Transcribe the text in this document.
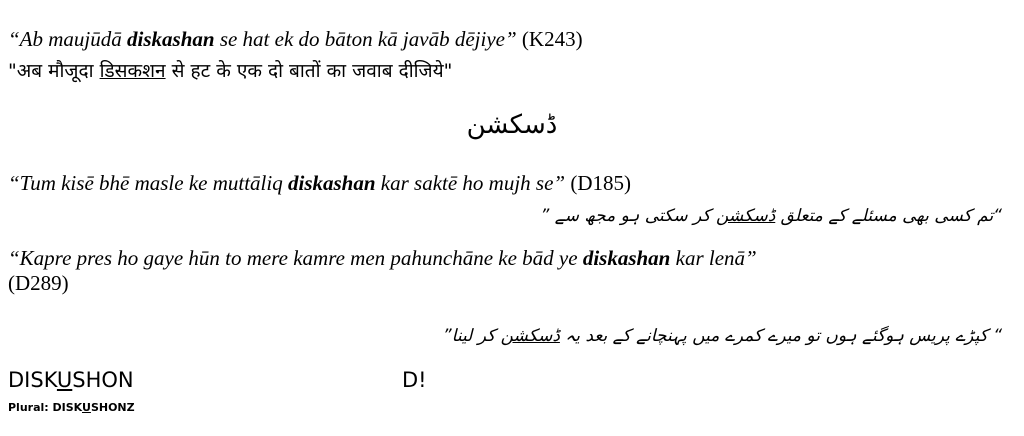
“Ab maujūdā diskashan se hat ek do bāton kā javāb dējiye” (K243)
"अब मौजूदा डिसकशन से हट के एक दो बातों का जवाब दीजिये"
ڈسکشن
“Tum kisē bhē masle ke muttāliq diskashan kar saktē ho mujh se” (D185)
“تم کسی بھی مسئلے کے متعلق ڈسکشن کر سکتی ہو مجھ سے ”
“Kapre pres ho gaye hūn to mere kamre men pahunchāne ke bād ye diskashan kar lenā”
(D289)
“ کپڑے پریس ہوگئے ہوں تو میرے کمرے میں پہنچانے کے بعد یہ ڈسکشن کر لینا”
DISKUSHON
Plural: DISKUSHONZ
D!
